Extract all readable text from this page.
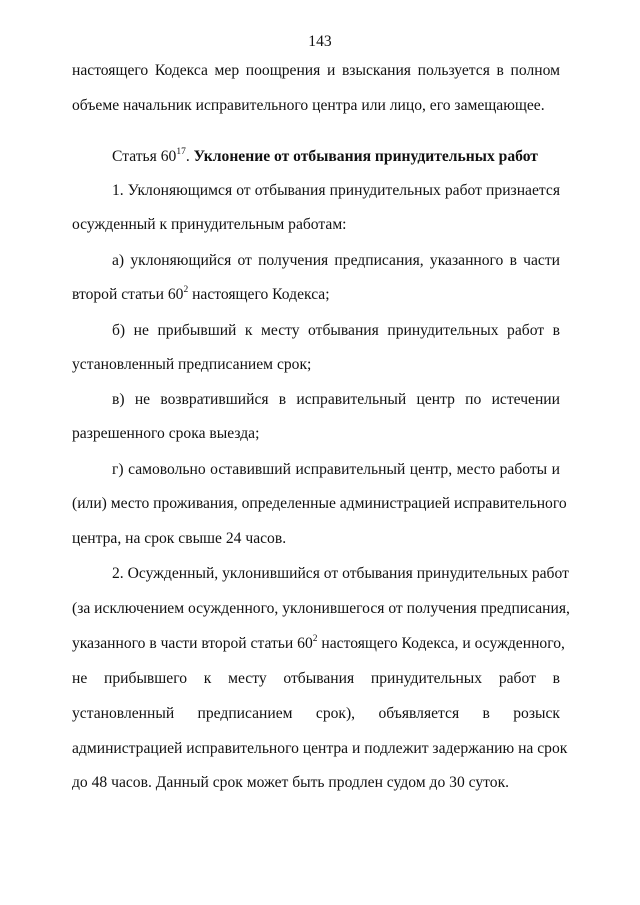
143
настоящего Кодекса мер поощрения и взыскания пользуется в полном
объеме начальник исправительного центра или лицо, его замещающее.
Статья $60^{17}$. Уклонение от отбывания принудительных работ
1. Уклоняющимся от отбывания принудительных работ признается
осужденный к принудительным работам:
а) уклоняющийся от получения предписания, указанного в части
второй статьи $60^2$ настоящего Кодекса;
б) не прибывший к месту отбывания принудительных работ в
установленный предписанием срок;
в) не возвратившийся в исправительный центр по истечении
разрешенного срока выезда;
г) самовольно оставивший исправительный центр, место работы и
(или) место проживания, определенные администрацией исправительного
центра, на срок свыше 24 часов.
2. Осужденный, уклонившийся от отбывания принудительных работ
(за исключением осужденного, уклонившегося от получения предписания,
указанного в части второй статьи $60^2$ настоящего Кодекса, и осужденного,
не прибывшего к месту отбывания принудительных работ в
установленный предписанием срок), объявляется в розыск
администрацией исправительного центра и подлежит задержанию на срок
до 48 часов. Данный срок может быть продлен судом до 30 суток.
